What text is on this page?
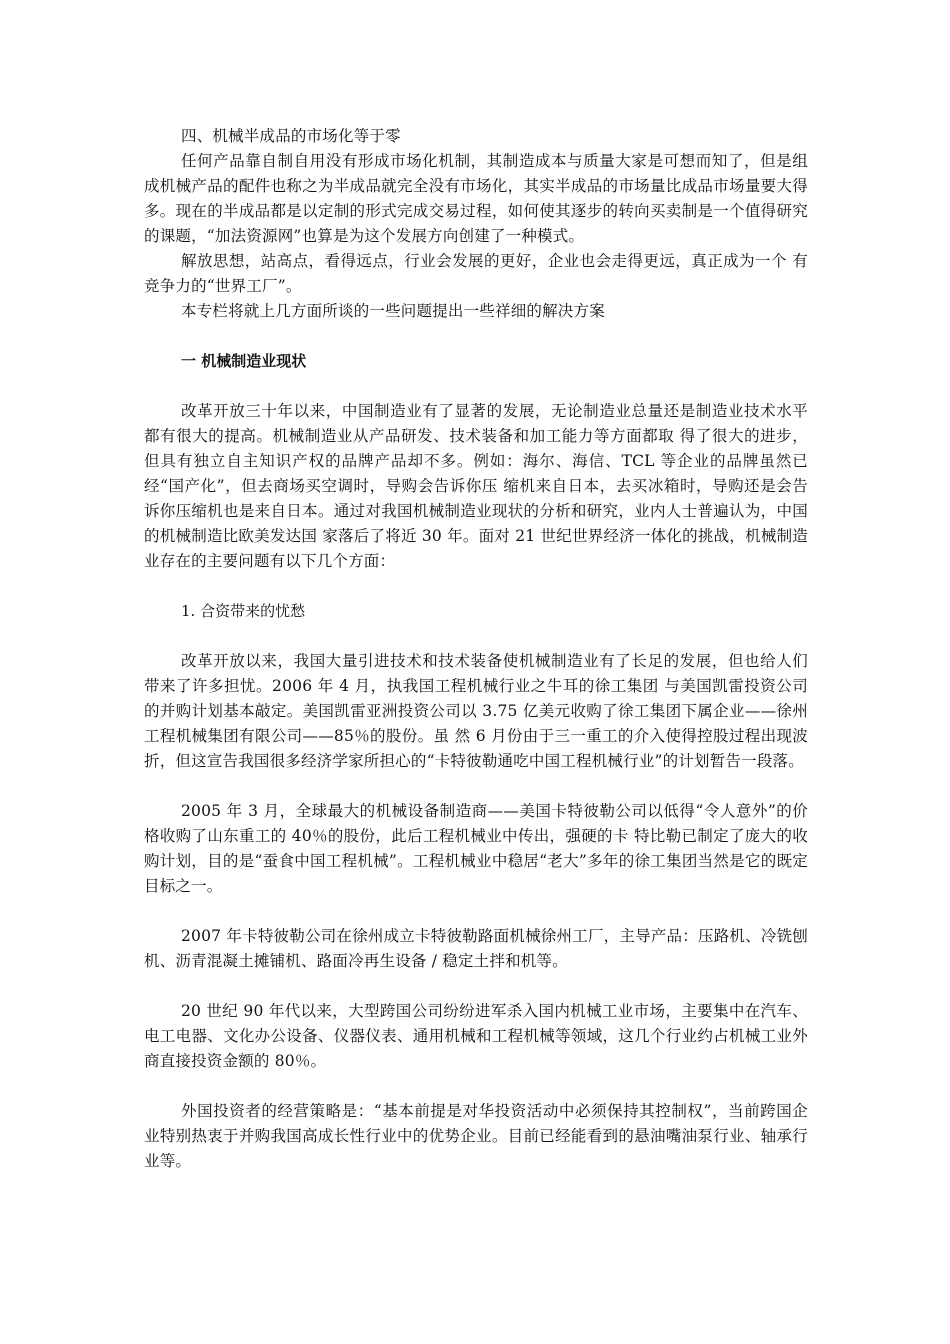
四、机械半成品的市场化等于零

任何产品靠自制自用没有形成市场化机制，其制造成本与质量大家是可想而知了，但是组成机械产品的配件也称之为半成品就完全没有市场化，其实半成品的市场量比成品市场量要大得多。现在的半成品都是以定制的形式完成交易过程，如何使其逐步的转向买卖制是一个值得研究的课题，“加法资源网”也算是为这个发展方向创建了一种模式。

解放思想，站高点，看得远点，行业会发展的更好，企业也会走得更远，真正成为一个 有竞争力的“世界工厂”。

本专栏将就上几方面所谈的一些问题提出一些祥细的解决方案

一 机械制造业现状

改革开放三十年以来，中国制造业有了显著的发展，无论制造业总量还是制造业技术水平都有很大的提高。机械制造业从产品研发、技术装备和加工能力等方面都取 得了很大的进步，但具有独立自主知识产权的品牌产品却不多。例如：海尔、海信、TCL 等企业的品牌虽然已经“国产化”，但去商场买空调时，导购会告诉你压 缩机来自日本，去买冰箱时，导购还是会告诉你压缩机也是来自日本。通过对我国机械制造业现状的分析和研究，业内人士普遍认为，中国的机械制造比欧美发达国 家落后了将近 30 年。面对 21 世纪世界经济一体化的挑战，机械制造业存在的主要问题有以下几个方面：

1. 合资带来的忧愁

改革开放以来，我国大量引进技术和技术装备使机械制造业有了长足的发展，但也给人们带来了许多担忧。2006 年 4 月，执我国工程机械行业之牛耳的徐工集团 与美国凯雷投资公司的并购计划基本敲定。美国凯雷亚洲投资公司以 3.75 亿美元收购了徐工集团下属企业——徐州工程机械集团有限公司——85％的股份。虽 然 6 月份由于三一重工的介入使得控股过程出现波折，但这宣告我国很多经济学家所担心的“卡特彼勒通吃中国工程机械行业”的计划暂告一段落。

2005 年 3 月，全球最大的机械设备制造商——美国卡特彼勒公司以低得“令人意外”的价格收购了山东重工的 40％的股份，此后工程机械业中传出，强硬的卡 特比勒已制定了庞大的收购计划，目的是“蚕食中国工程机械”。工程机械业中稳居“老大”多年的徐工集团当然是它的既定目标之一。

2007 年卡特彼勒公司在徐州成立卡特彼勒路面机械徐州工厂，主导产品：压路机、冷铣刨机、沥青混凝土摊铺机、路面冷再生设备 / 稳定土拌和机等。

20 世纪 90 年代以来，大型跨国公司纷纷进军杀入国内机械工业市场，主要集中在汽车、电工电器、文化办公设备、仪器仪表、通用机械和工程机械等领域，这几个行业约占机械工业外商直接投资金额的 80％。

外国投资者的经营策略是：“基本前提是对华投资活动中必须保持其控制权”，当前跨国企业特别热衷于并购我国高成长性行业中的优势企业。目前已经能看到的悬油嘴油泵行业、轴承行业等。
